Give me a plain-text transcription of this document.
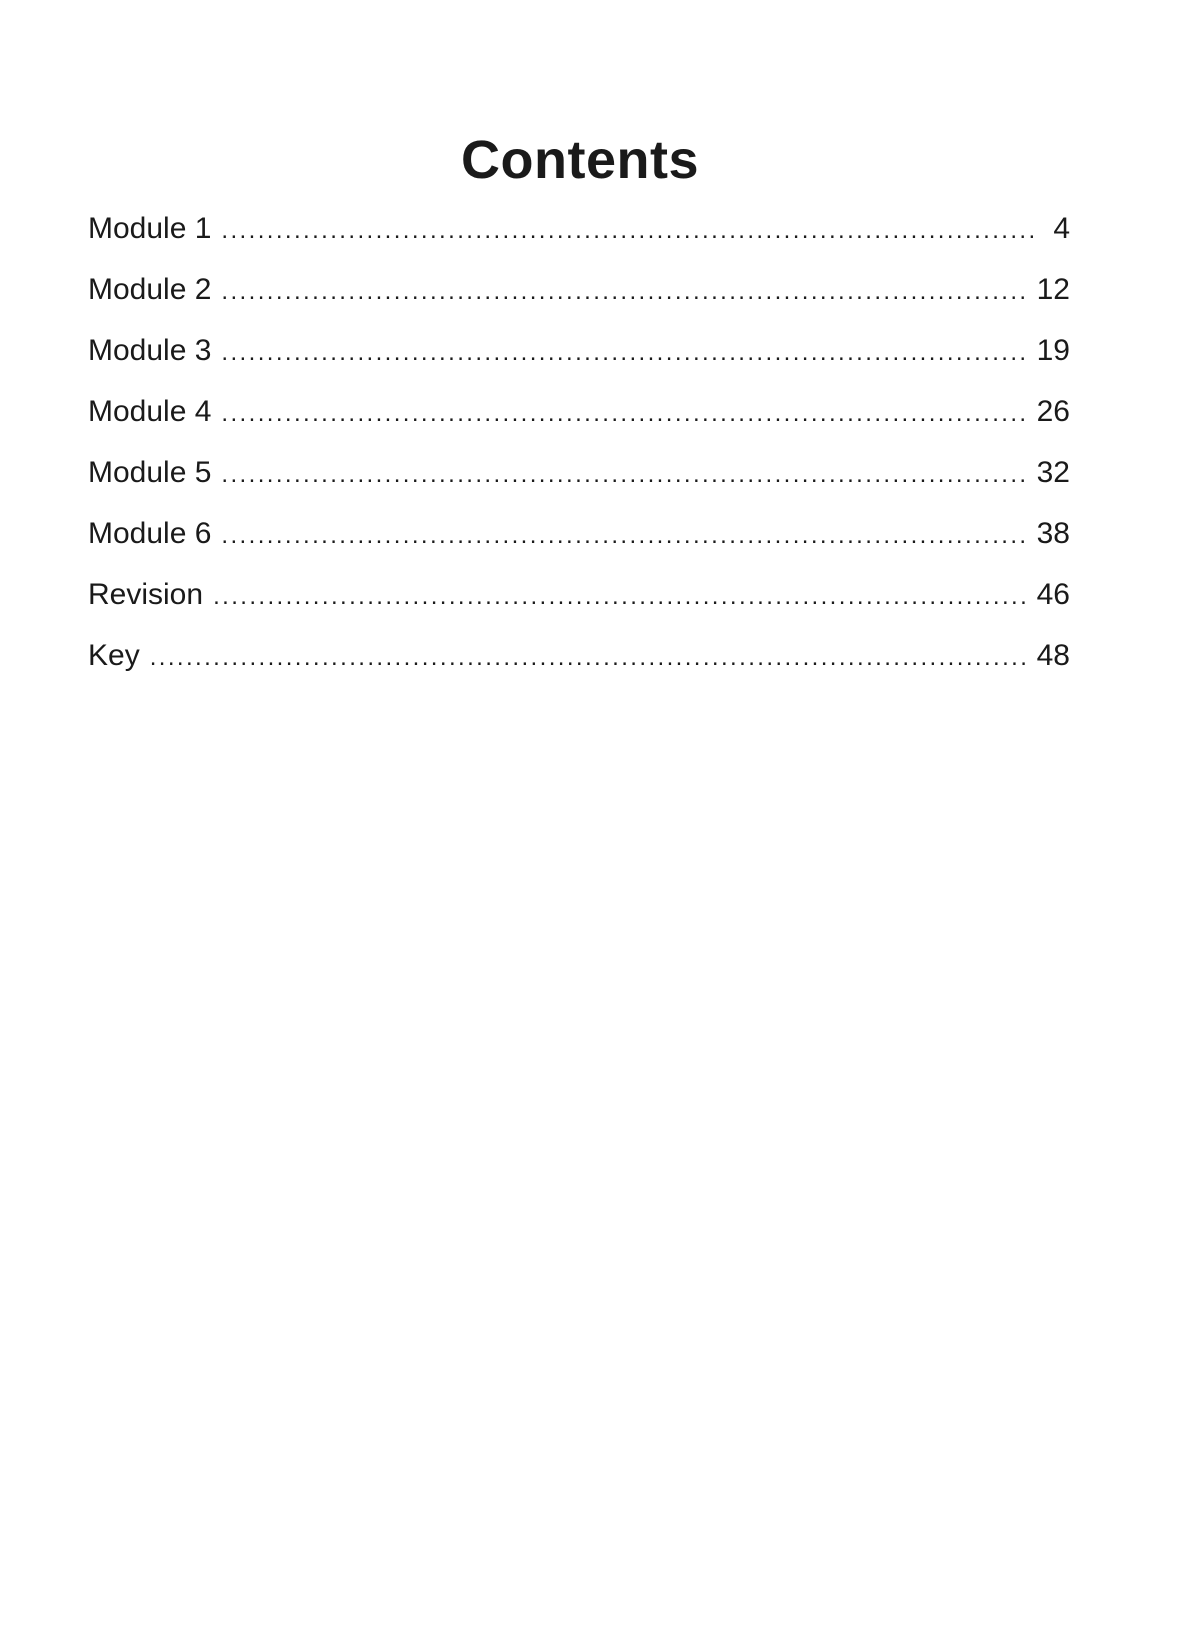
Contents
Module 1 .....	4
Module 2 .....	12
Module 3 .....	19
Module 4 .....	26
Module 5 .....	32
Module 6 .....	38
Revision .....	46
Key .....	48
